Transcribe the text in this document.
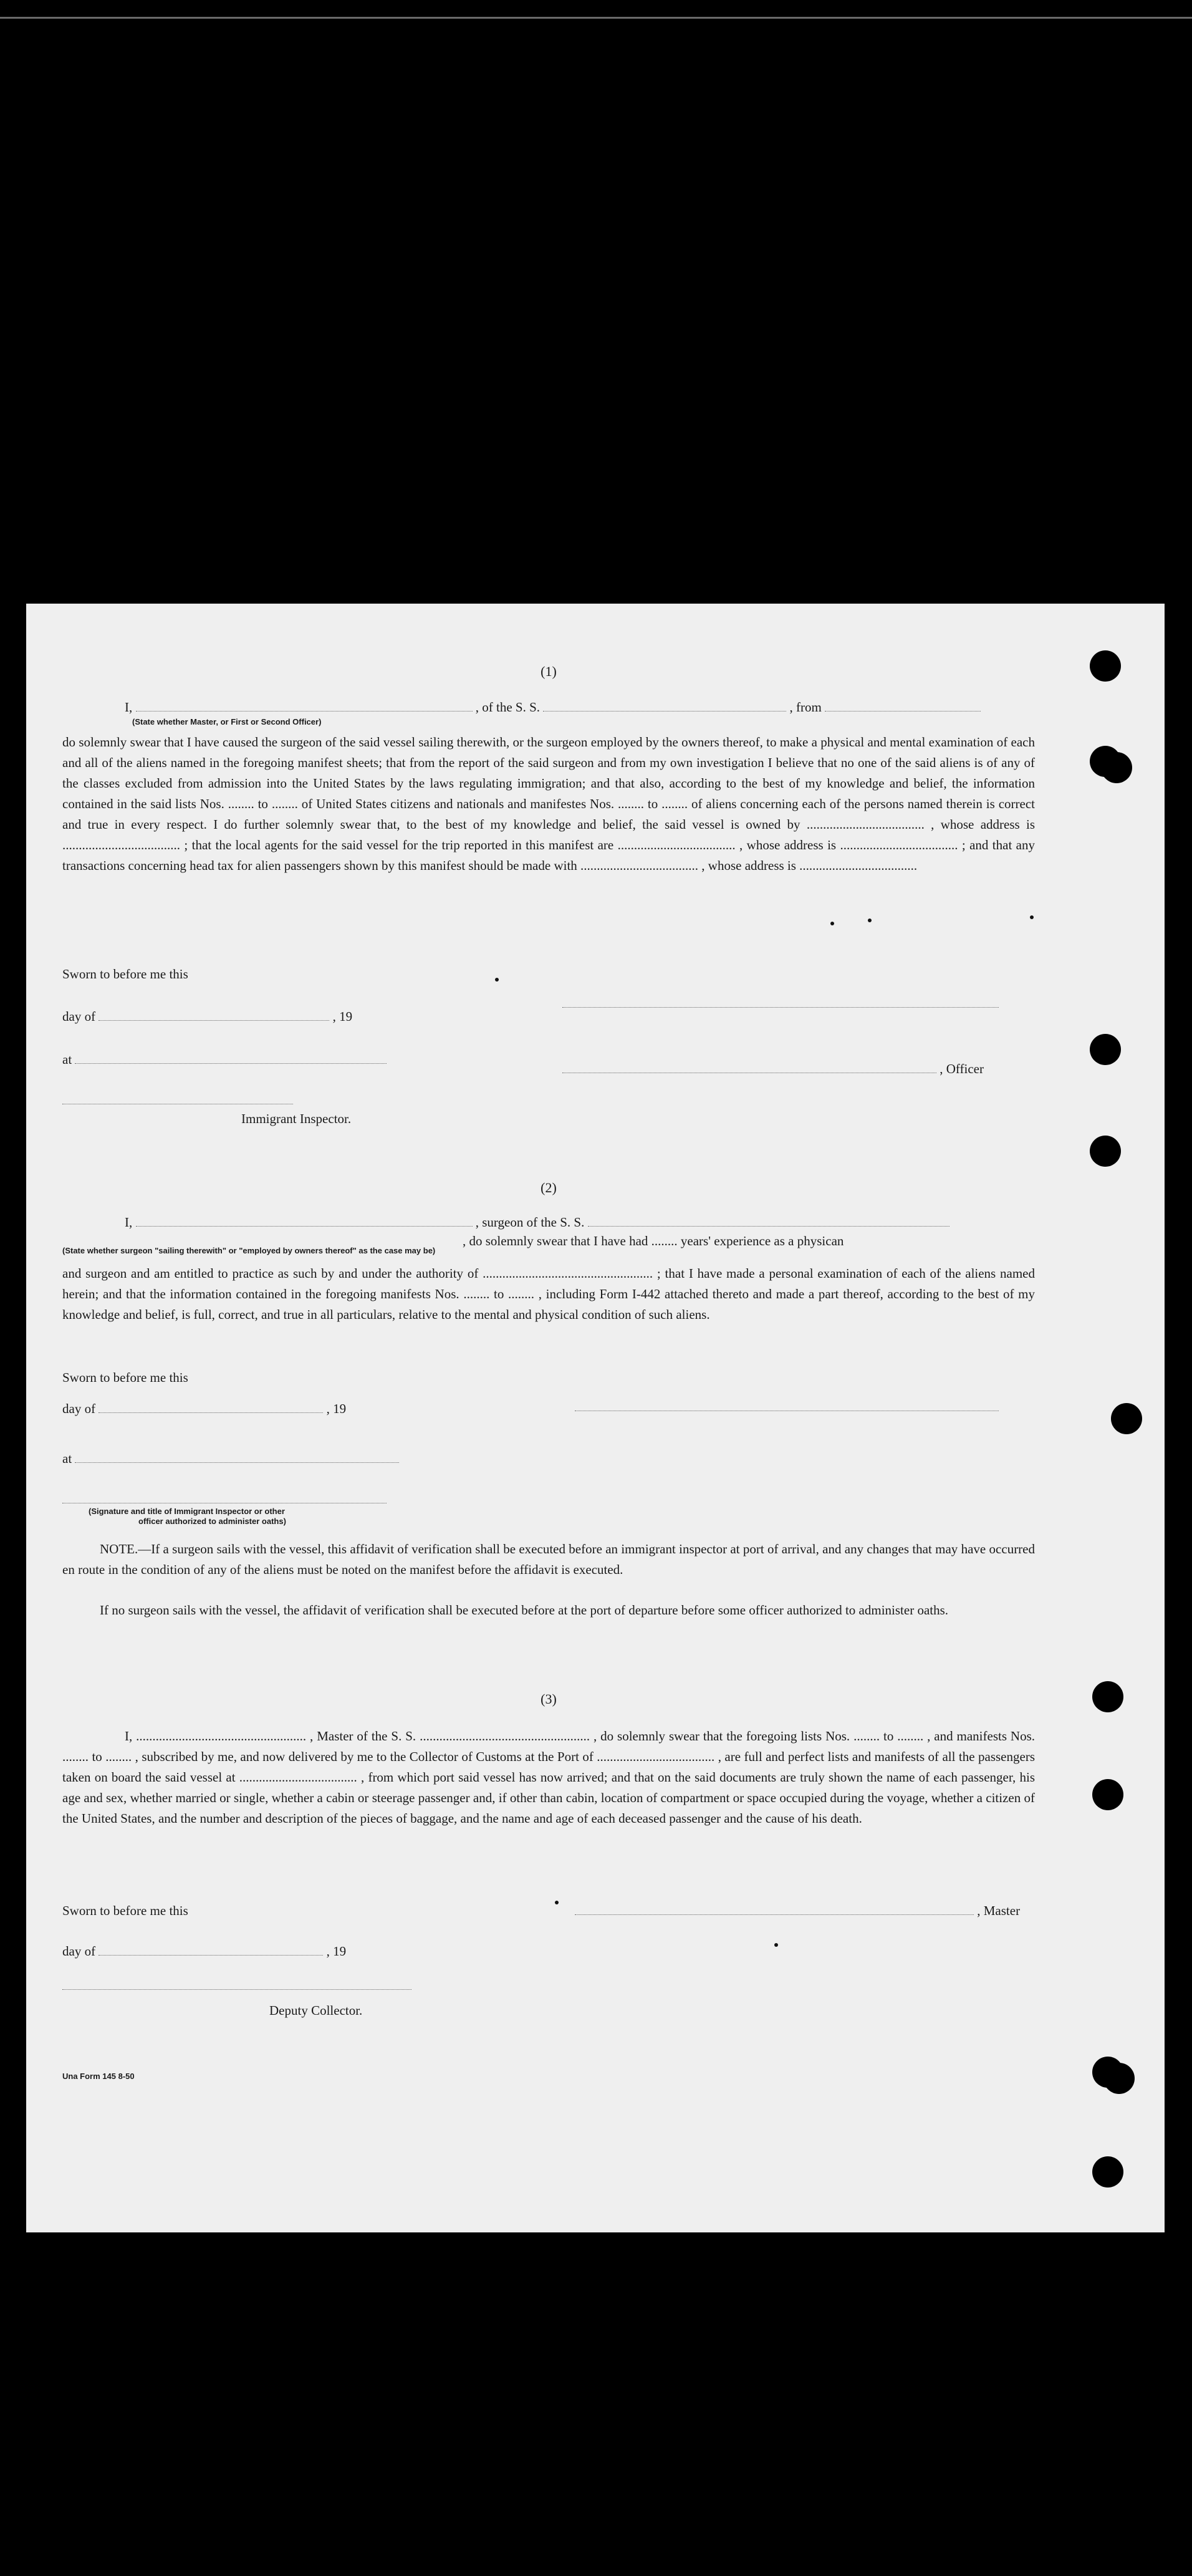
(1)
I,	, of the S. S.	, from
(State whether Master, or First or Second Officer)
do solemnly swear that I have caused the surgeon of the said vessel sailing therewith, or the surgeon employed by the owners thereof, to make a physical and mental examination of each and all of the aliens named in the foregoing manifest sheets; that from the report of the said surgeon and from my own investigation I believe that no one of the said aliens is of any of the classes excluded from admission into the United States by the laws regulating immigration; and that also, according to the best of my knowledge and belief, the information contained in the said lists Nos. ........ to ........ of United States citizens and nationals and manifestes Nos. ........ to ........ of aliens concerning each of the persons named therein is correct and true in every respect. I do further solemnly swear that, to the best of my knowledge and belief, the said vessel is owned by .................................... , whose address is .................................... ; that the local agents for the said vessel for the trip reported in this manifest are .................................... , whose address is .................................... ; and that any transactions concerning head tax for alien passengers shown by this manifest should be made with .................................... , whose address is ....................................
Sworn to before me this
day of	, 19
at
, Officer
Immigrant Inspector.
(2)
I,	, surgeon of the S. S.
, do solemnly swear that I have had ........ years' experience as a physican
(State whether surgeon "sailing therewith" or "employed by owners thereof" as the case may be)
and surgeon and am entitled to practice as such by and under the authority of .................................................... ; that I have made a personal examination of each of the aliens named herein; and that the information contained in the foregoing manifests Nos. ........ to ........ , including Form I-442 attached thereto and made a part thereof, according to the best of my knowledge and belief, is full, correct, and true in all particulars, relative to the mental and physical condition of such aliens.
Sworn to before me this
day of	, 19
at
(Signature and title of Immigrant Inspector or other
officer authorized to administer oaths)
NOTE.—If a surgeon sails with the vessel, this affidavit of verification shall be executed before an immigrant inspector at port of arrival, and any changes that may have occurred en route in the condition of any of the aliens must be noted on the manifest before the affidavit is executed.
If no surgeon sails with the vessel, the affidavit of verification shall be executed before at the port of departure before some officer authorized to administer oaths.
(3)
I, .................................................... , Master of the S. S. .................................................... , do solemnly swear that the foregoing lists Nos. ........ to ........ , and manifests Nos. ........ to ........ , subscribed by me, and now delivered by me to the Collector of Customs at the Port of .................................... , are full and perfect lists and manifests of all the passengers taken on board the said vessel at .................................... , from which port said vessel has now arrived; and that on the said documents are truly shown the name of each passenger, his age and sex, whether married or single, whether a cabin or steerage passenger and, if other than cabin, location of compartment or space occupied during the voyage, whether a citizen of the United States, and the number and description of the pieces of baggage, and the name and age of each deceased passenger and the cause of his death.
Sworn to before me this	, Master
day of	, 19
Deputy Collector.
Una Form 145 8-50
